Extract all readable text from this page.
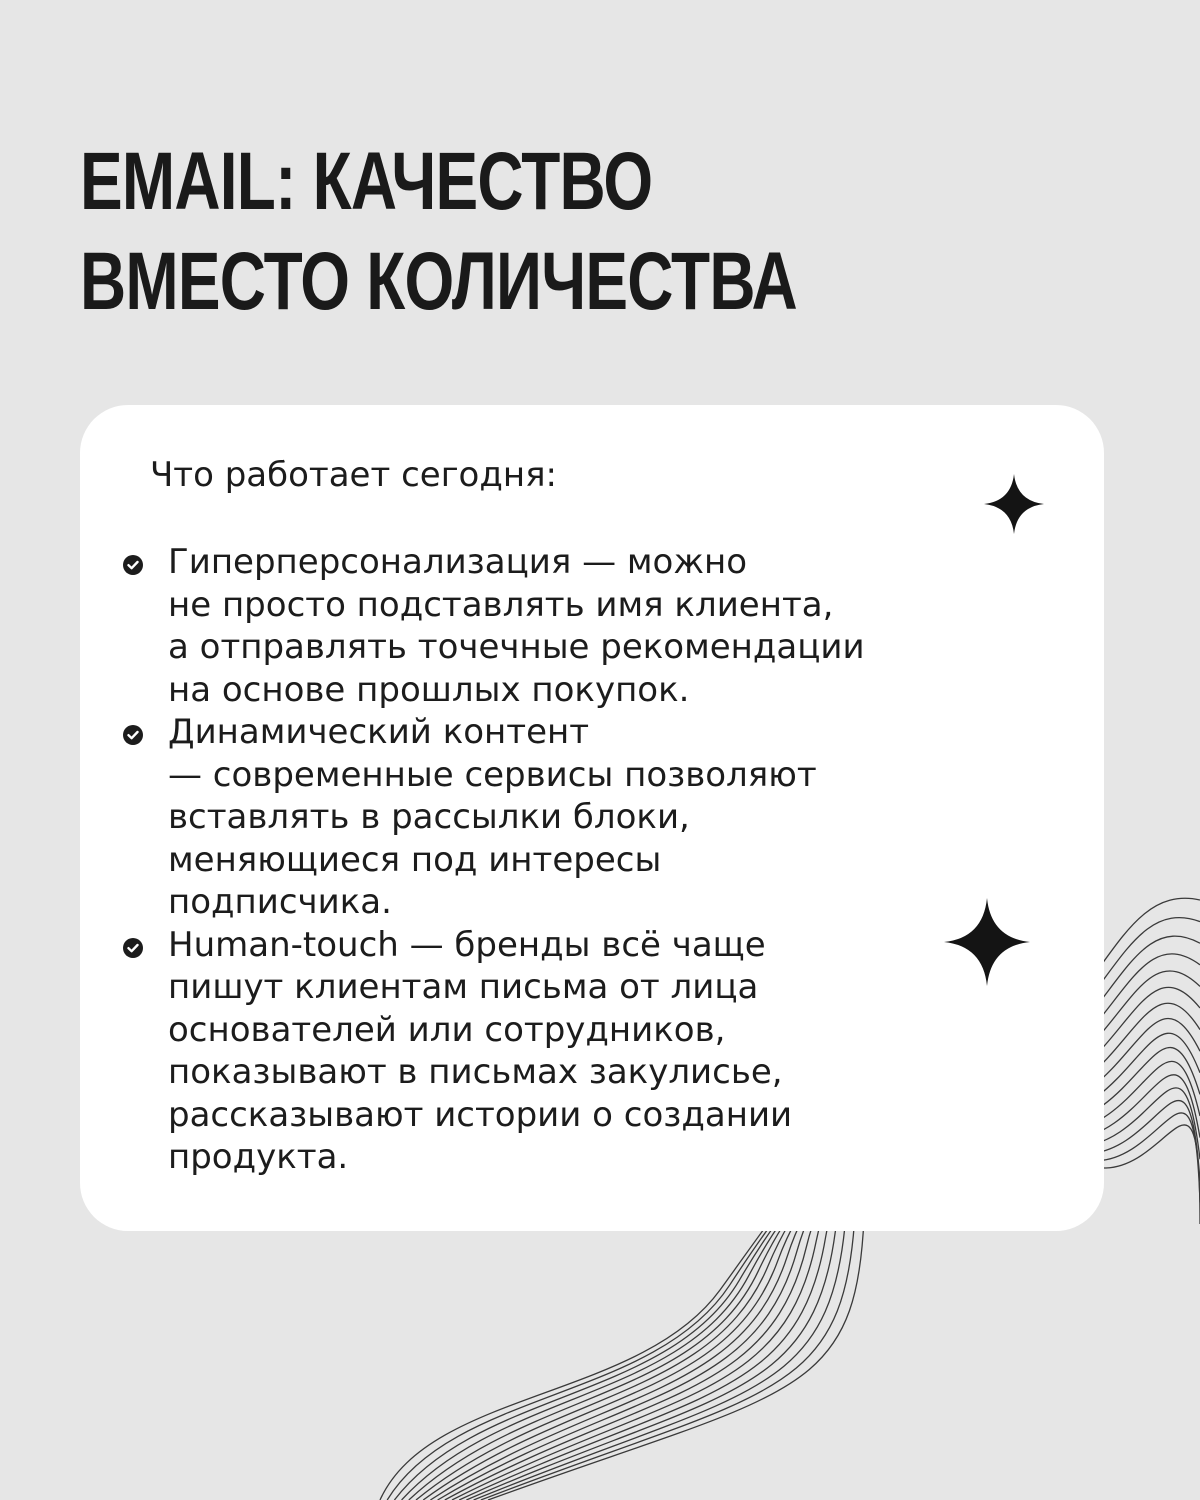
EMAIL: КАЧЕСТВО
ВМЕСТО КОЛИЧЕСТВА

Что работает сегодня:

Гиперперсонализация — можно
не просто подставлять имя клиента,
а отправлять точечные рекомендации
на основе прошлых покупок.
Динамический контент
— современные сервисы позволяют
вставлять в рассылки блоки,
меняющиеся под интересы
подписчика.
Human-touch — бренды всё чаще
пишут клиентам письма от лица
основателей или сотрудников,
показывают в письмах закулисье,
рассказывают истории о создании
продукта.
